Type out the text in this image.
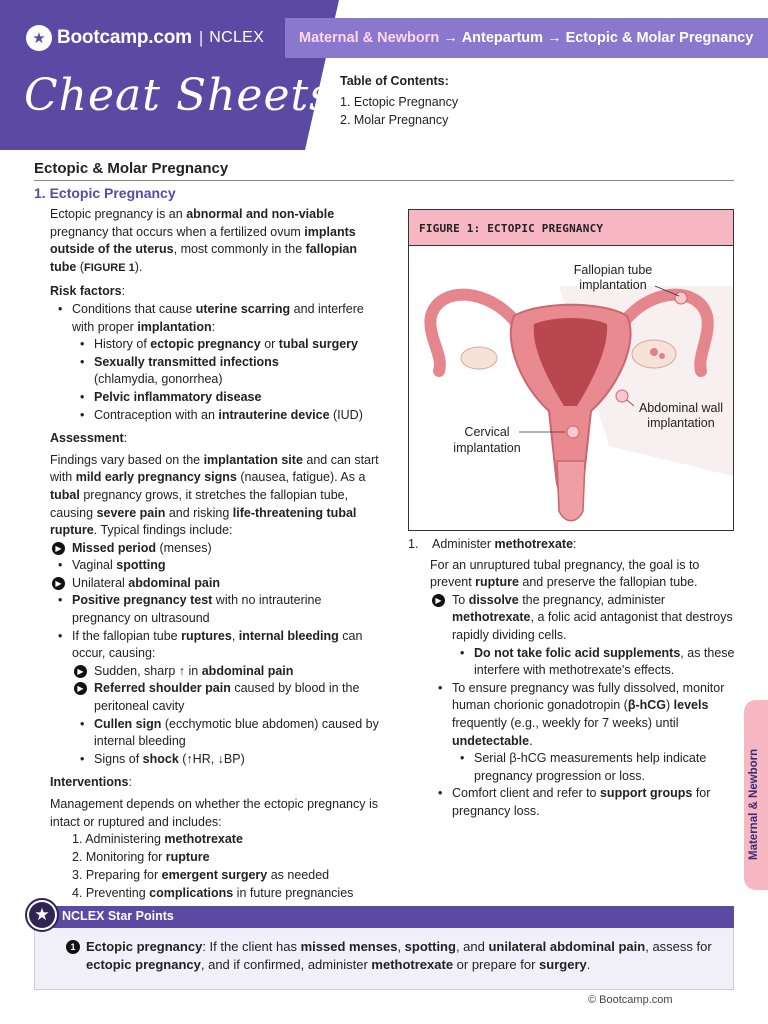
★ Bootcamp.com | NCLEX
Cheat Sheets
Maternal & Newborn → Antepartum → Ectopic & Molar Pregnancy
Table of Contents:
1. Ectopic Pregnancy
2. Molar Pregnancy
Ectopic & Molar Pregnancy
1. Ectopic Pregnancy

Ectopic pregnancy is an abnormal and non-viable pregnancy that occurs when a fertilized ovum implants outside of the uterus, most commonly in the fallopian tube (FIGURE 1).

Risk factors:
• Conditions that cause uterine scarring and interfere with proper implantation:
• History of ectopic pregnancy or tubal surgery
• Sexually transmitted infections
(chlamydia, gonorrhea)
• Pelvic inflammatory disease
• Contraception with an intrauterine device (IUD)
Assessment:

Findings vary based on the implantation site and can start with mild early pregnancy signs (nausea, fatigue). As a tubal pregnancy grows, it stretches the fallopian tube, causing severe pain and risking life-threatening tubal rupture. Typical findings include:

▶ Missed period (menses)
• Vaginal spotting
▶ Unilateral abdominal pain
• Positive pregnancy test with no intrauterine pregnancy on ultrasound
• If the fallopian tube ruptures, internal bleeding can occur, causing:
▶ Sudden, sharp ↑ in abdominal pain
▶ Referred shoulder pain caused by blood in the peritoneal cavity
• Cullen sign (ecchymotic blue abdomen) caused by internal bleeding
• Signs of shock (↑HR, ↓BP)
Interventions:

Management depends on whether the ectopic pregnancy is intact or ruptured and includes:

1. Administering methotrexate
2. Monitoring for rupture
3. Preparing for emergent surgery as needed
4. Preventing complications in future pregnancies
FIGURE 1: ECTOPIC PREGNANCY
Fallopian tube
implantation
Abdominal wall
implantation
Cervical
implantation
1.	Administer methotrexate:

For an unruptured tubal pregnancy, the goal is to prevent rupture and preserve the fallopian tube.

▶ To dissolve the pregnancy, administer methotrexate, a folic acid antagonist that destroys rapidly dividing cells.
• Do not take folic acid supplements, as these interfere with methotrexate's effects.
• To ensure pregnancy was fully dissolved, monitor human chorionic gonadotropin (β-hCG) levels frequently (e.g., weekly for 7 weeks) until undetectable.
• Serial β-hCG measurements help indicate pregnancy progression or loss.
• Comfort client and refer to support groups for pregnancy loss.	Maternal & Newborn
★ NCLEX Star Points
1 Ectopic pregnancy: If the client has missed menses, spotting, and unilateral abdominal pain, assess for ectopic pregnancy, and if confirmed, administer methotrexate or prepare for surgery.
© Bootcamp.com
